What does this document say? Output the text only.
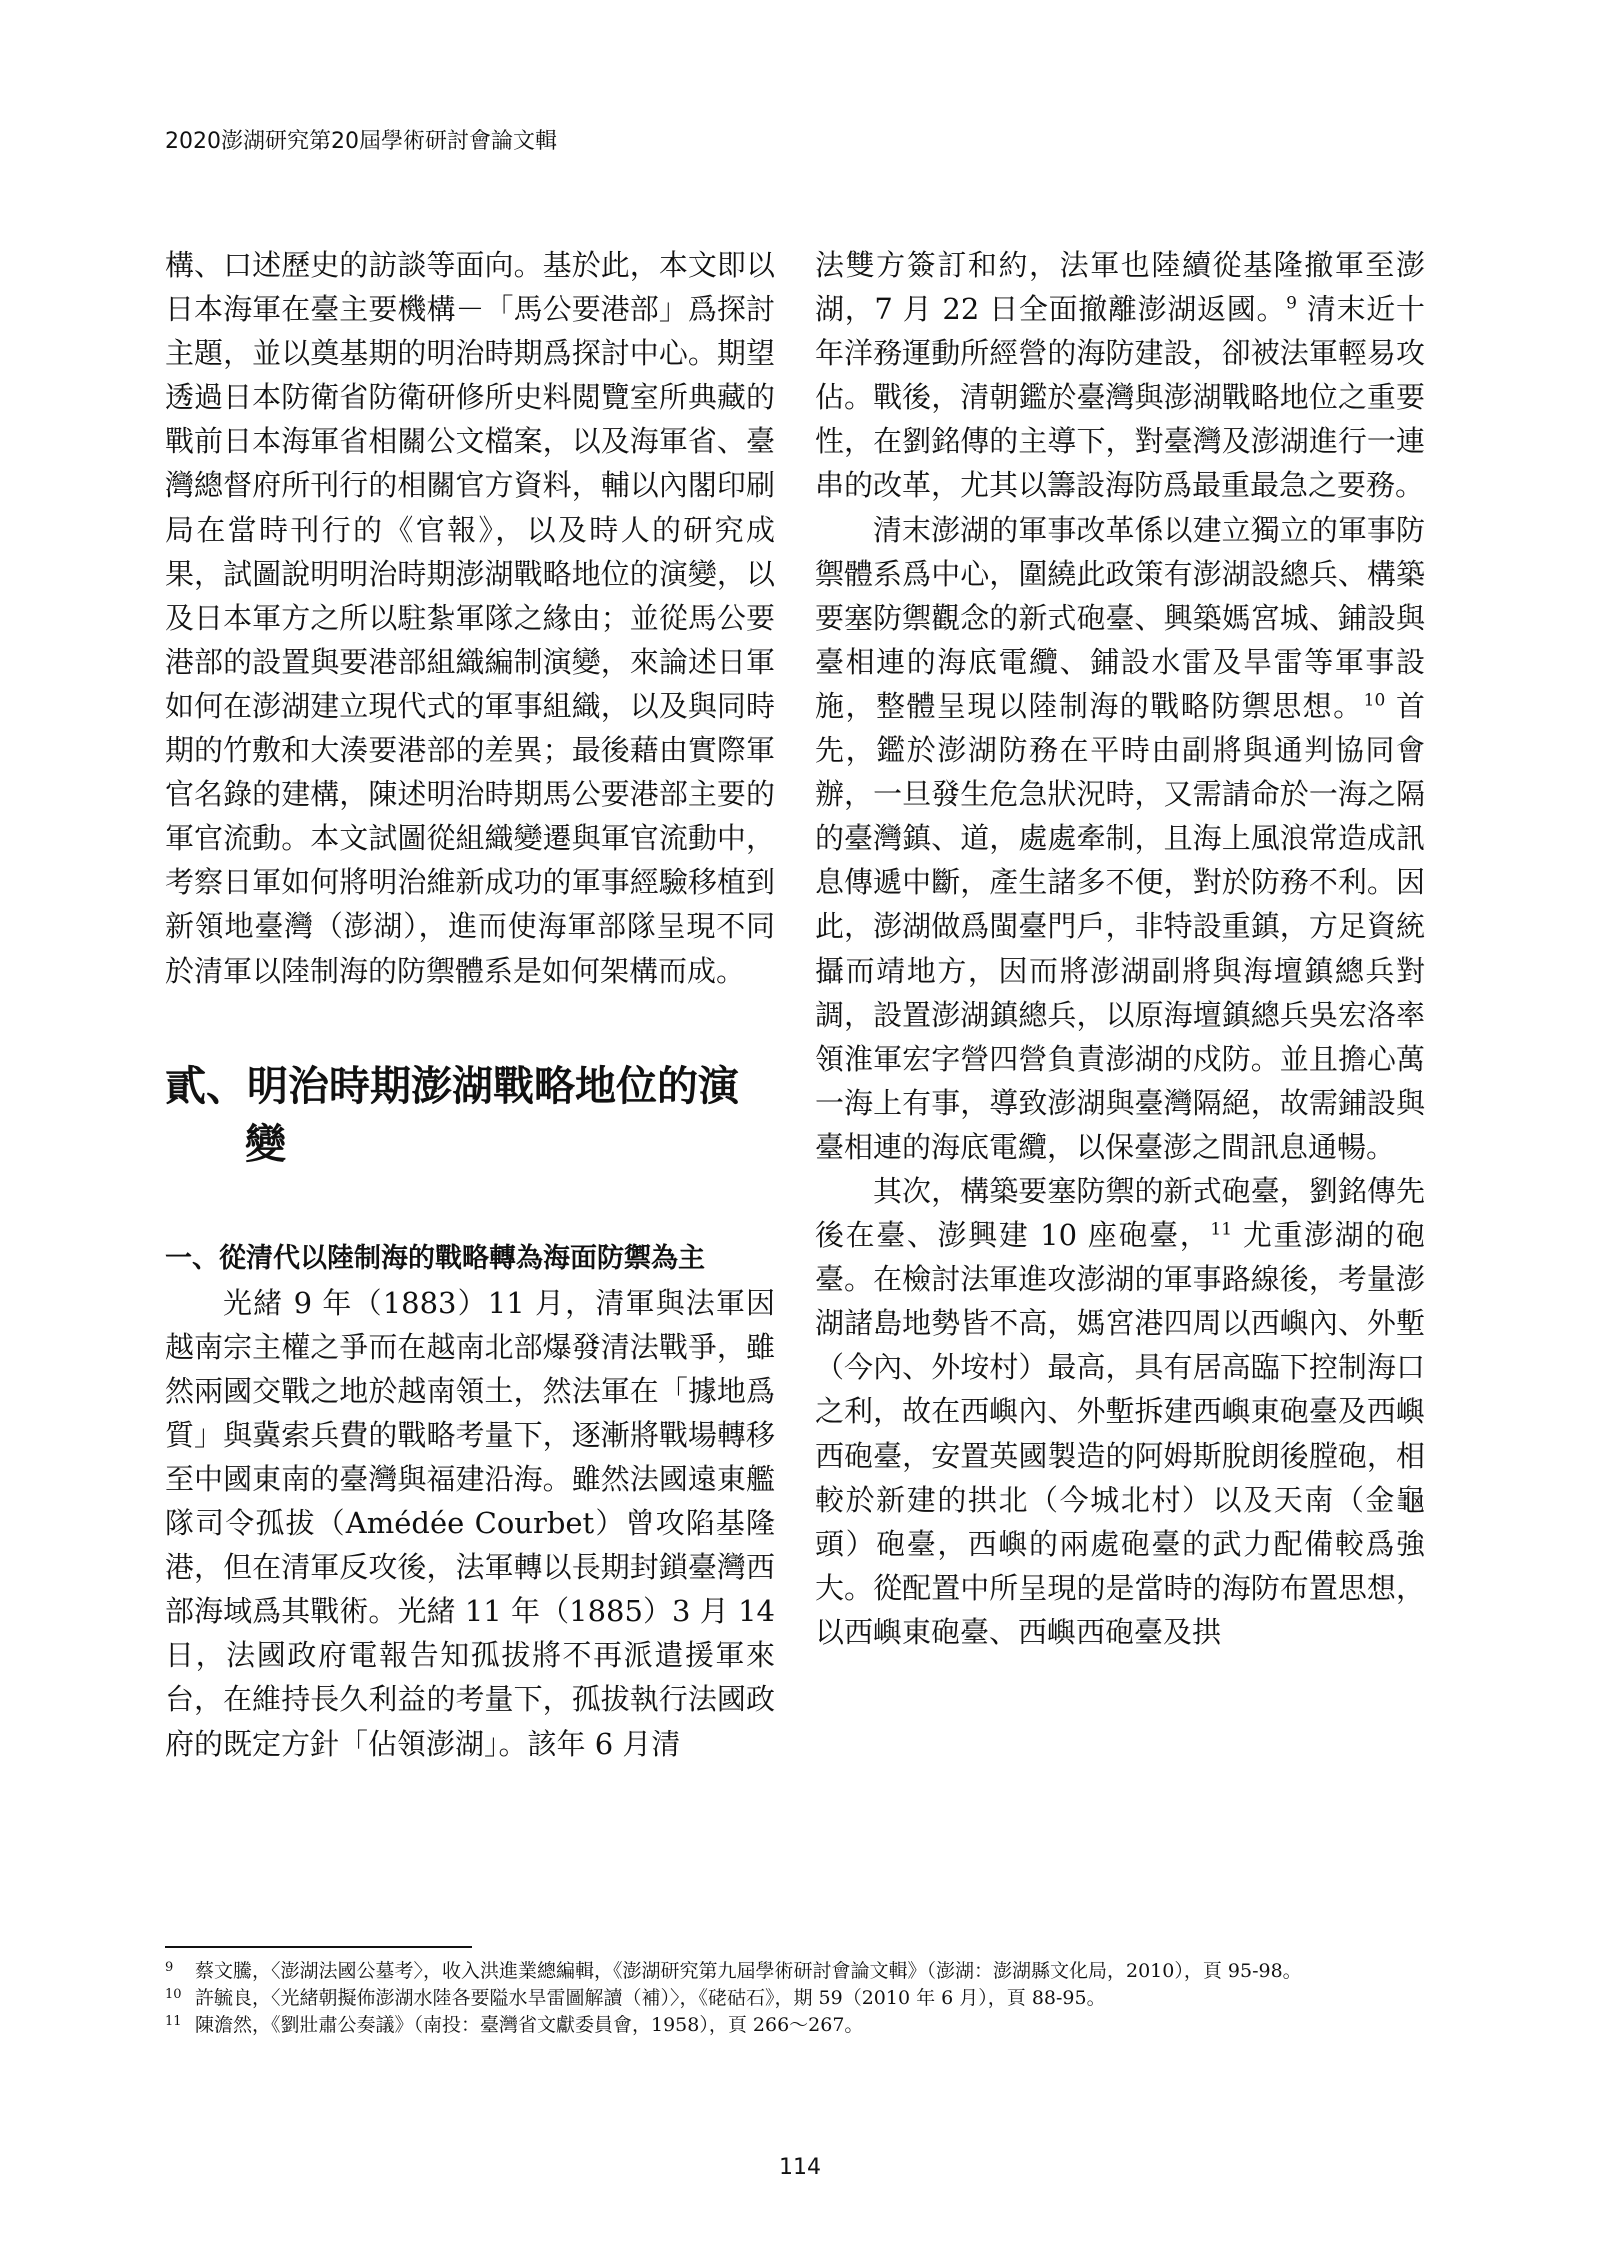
2020澎湖研究第20屆學術研討會論文輯

構、口述歷史的訪談等面向。基於此，本文即以日本海軍在臺主要機構－「馬公要港部」爲探討主題，並以奠基期的明治時期爲探討中心。期望透過日本防衛省防衛研修所史料閲覽室所典藏的戰前日本海軍省相關公文檔案，以及海軍省、臺灣總督府所刊行的相關官方資料，輔以內閣印刷局在當時刊行的《官報》，以及時人的研究成果，試圖說明明治時期澎湖戰略地位的演變，以及日本軍方之所以駐紮軍隊之緣由；並從馬公要港部的設置與要港部組織編制演變，來論述日軍如何在澎湖建立現代式的軍事組織，以及與同時期的竹敷和大湊要港部的差異；最後藉由實際軍官名錄的建構，陳述明治時期馬公要港部主要的軍官流動。本文試圖從組織變遷與軍官流動中，考察日軍如何將明治維新成功的軍事經驗移植到新領地臺灣（澎湖），進而使海軍部隊呈現不同於清軍以陸制海的防禦體系是如何架構而成。

貳、明治時期澎湖戰略地位的演
變
一、從清代以陸制海的戰略轉為海面防禦為主

光緒 9 年（1883）11 月，清軍與法軍因越南宗主權之爭而在越南北部爆發清法戰爭，雖然兩國交戰之地於越南領土，然法軍在「據地爲質」與冀索兵費的戰略考量下，逐漸將戰場轉移至中國東南的臺灣與福建沿海。雖然法國遠東艦隊司令孤拔（Amédée Courbet）曾攻陷基隆港，但在清軍反攻後，法軍轉以長期封鎖臺灣西部海域爲其戰術。光緒 11 年（1885）3 月 14 日，法國政府電報告知孤拔將不再派遣援軍來台，在維持長久利益的考量下，孤拔執行法國政府的既定方針「佔領澎湖」。該年 6 月清

法雙方簽訂和約，法軍也陸續從基隆撤軍至澎湖，7 月 22 日全面撤離澎湖返國。$^9$ 清末近十年洋務運動所經營的海防建設，卻被法軍輕易攻佔。戰後，清朝鑑於臺灣與澎湖戰略地位之重要性，在劉銘傳的主導下，對臺灣及澎湖進行一連串的改革，尤其以籌設海防爲最重最急之要務。

清末澎湖的軍事改革係以建立獨立的軍事防禦體系爲中心，圍繞此政策有澎湖設總兵、構築要塞防禦觀念的新式砲臺、興築媽宮城、鋪設與臺相連的海底電纜、鋪設水雷及旱雷等軍事設施，整體呈現以陸制海的戰略防禦思想。$^{10}$ 首先，鑑於澎湖防務在平時由副將與通判協同會辦，一旦發生危急狀況時，又需請命於一海之隔的臺灣鎮、道，處處牽制，且海上風浪常造成訊息傳遞中斷，產生諸多不便，對於防務不利。因此，澎湖做爲閩臺門戶，非特設重鎮，方足資統攝而靖地方，因而將澎湖副將與海壇鎮總兵對調，設置澎湖鎮總兵，以原海壇鎮總兵吳宏洛率領淮軍宏字營四營負責澎湖的戍防。並且擔心萬一海上有事，導致澎湖與臺灣隔絕，故需鋪設與臺相連的海底電纜，以保臺澎之間訊息通暢。

其次，構築要塞防禦的新式砲臺，劉銘傳先後在臺、澎興建 10 座砲臺，$^{11}$ 尤重澎湖的砲臺。在檢討法軍進攻澎湖的軍事路線後，考量澎湖諸島地勢皆不高，媽宮港四周以西嶼內、外塹（今內、外垵村）最高，具有居高臨下控制海口之利，故在西嶼內、外塹拆建西嶼東砲臺及西嶼西砲臺，安置英國製造的阿姆斯脫朗後膛砲，相較於新建的拱北（今城北村）以及天南（金龜頭）砲臺，西嶼的兩處砲臺的武力配備較爲強大。從配置中所呈現的是當時的海防布置思想，以西嶼東砲臺、西嶼西砲臺及拱

9	蔡文騰，〈澎湖法國公墓考〉，收入洪進業總編輯，《澎湖研究第九屆學術研討會論文輯》（澎湖：澎湖縣文化局，2010），頁 95-98。
10 許毓良，〈光緒朝擬佈澎湖水陸各要隘水旱雷圖解讀（補）〉，《硓𥑮石》，期 59（2010 年 6 月），頁 88-95。
11 陳澹然，《劉壯肅公奏議》（南投：臺灣省文獻委員會，1958），頁 266～267。
114
